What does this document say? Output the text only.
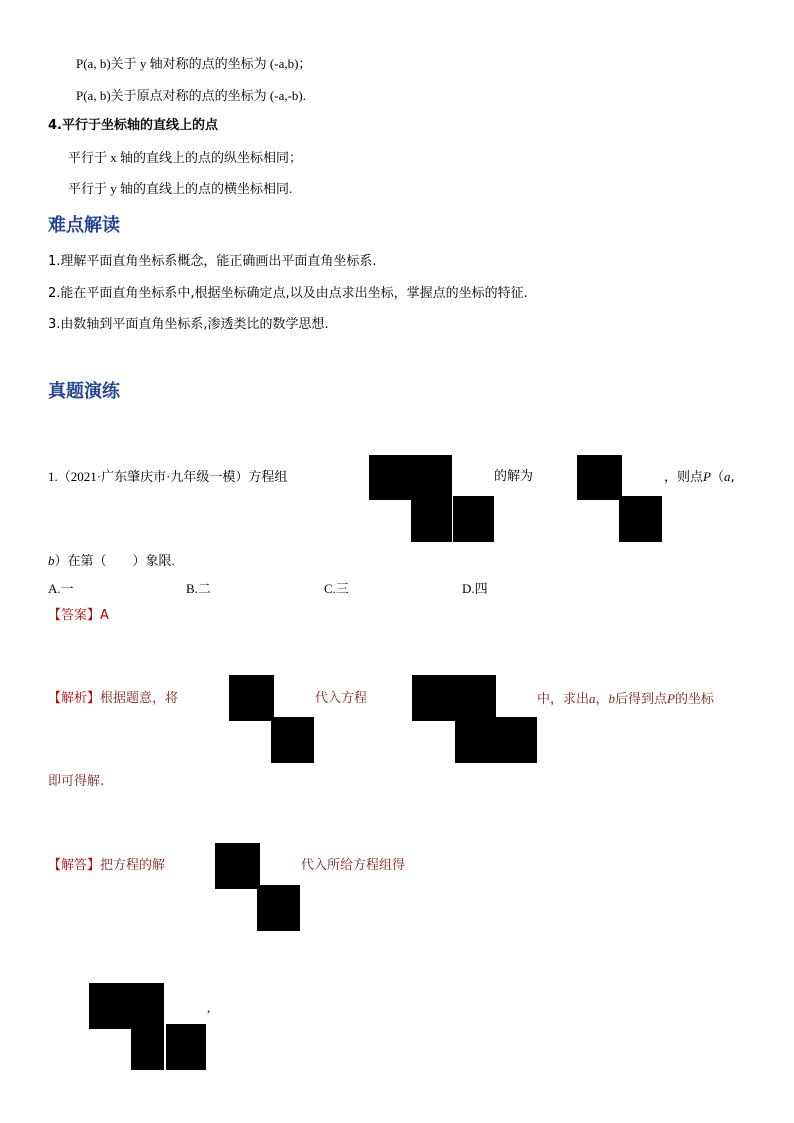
P(a, b)关于 y 轴对称的点的坐标为 (-a,b)；
P(a, b)关于原点对称的点的坐标为 (-a,-b).
4.平行于坐标轴的直线上的点
平行于 x 轴的直线上的点的纵坐标相同；
平行于 y 轴的直线上的点的横坐标相同.
难点解读
1.理解平面直角坐标系概念，能正确画出平面直角坐标系.
2.能在平面直角坐标系中,根据坐标确定点,以及由点求出坐标，掌握点的坐标的特征.
3.由数轴到平面直角坐标系,渗透类比的数学思想.
真题演练
1.（2021·广东肇庆市·九年级一模）方程组	的解为	，则点P（a,
b）在第（　　）象限.
A.一	B.二	C.三	D.四
【答案】A
【解析】根据题意，将	代入方程	中，求出a，b后得到点P的坐标
即可得解.
【解答】把方程的解	代入所给方程组得
,
